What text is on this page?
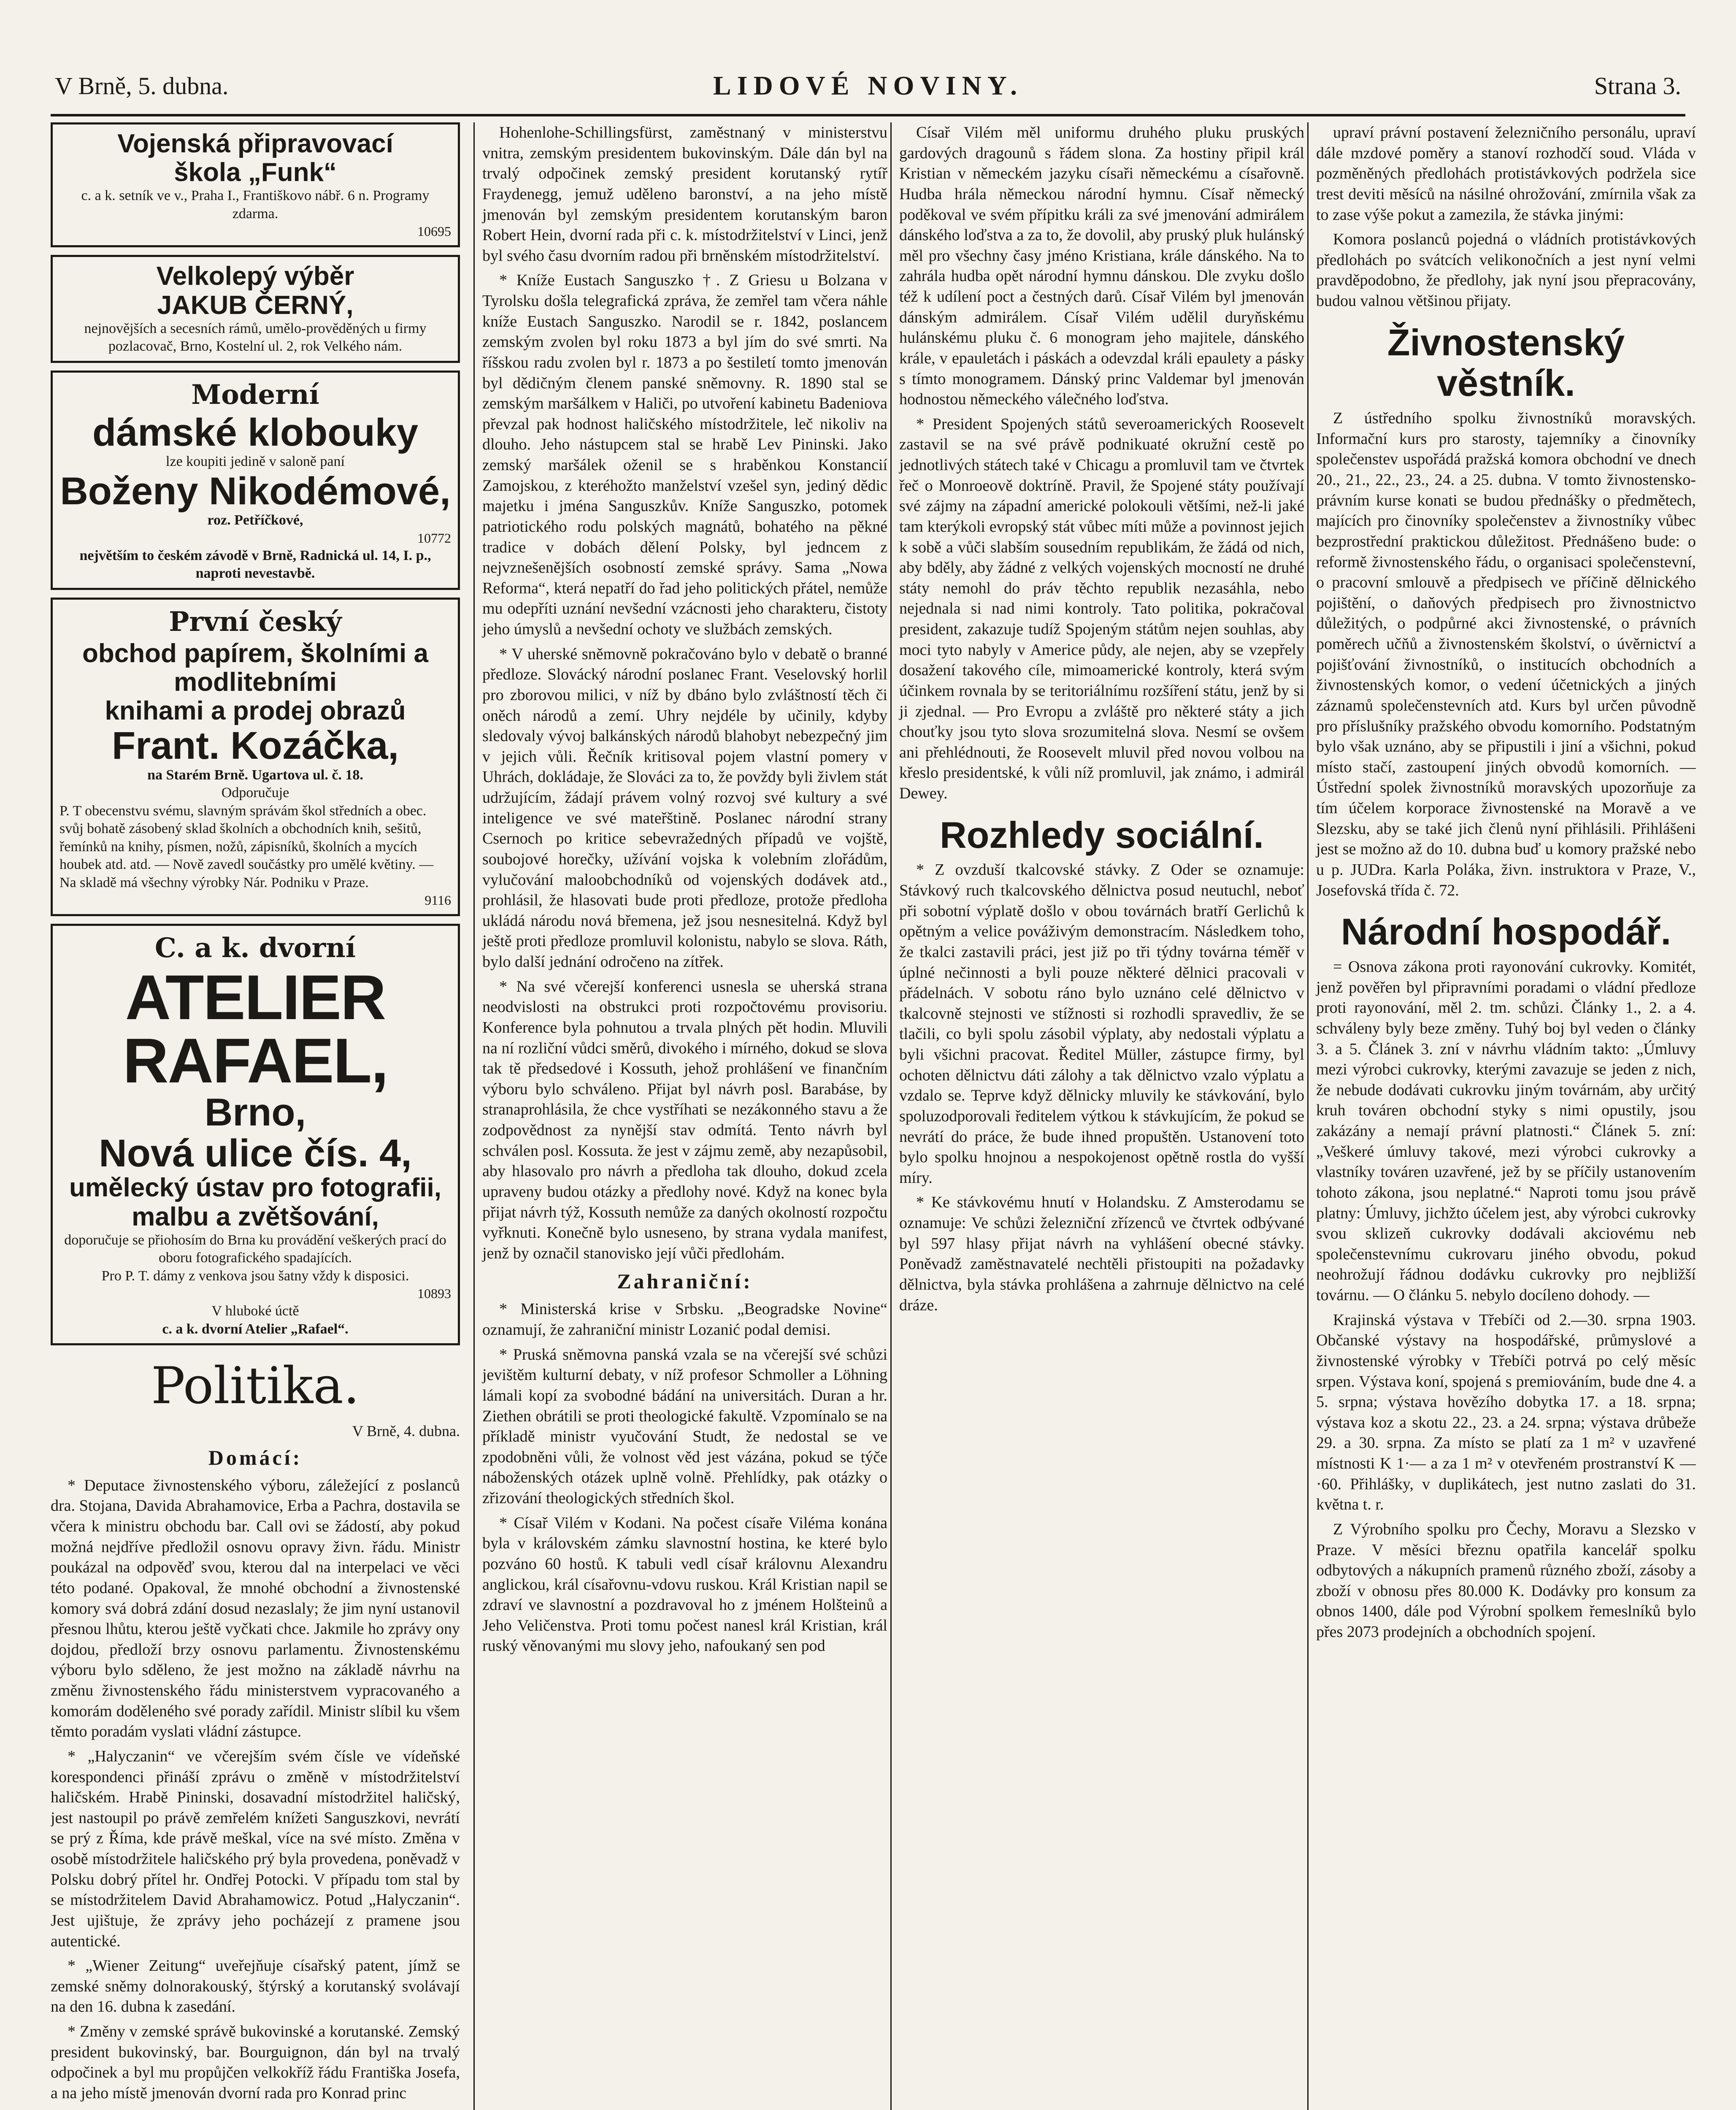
V Brně, 5. dubna.	LIDOVÉ NOVINY.	Strana 3.
Vojenská připravovací
škola „Funk“
c. a k. setník ve v., Praha I., Františkovo nábř. 6 n. Programy zdarma.
10695
Velkolepý výběr
JAKUB ČERNÝ,
nejnovějších a secesních rámů, umělo-prověděných u firmy
pozlacovač, Brno, Kostelní ul. 2, rok Velkého nám.
Moderní
dámské klobouky
lze koupiti jedině v saloně paní
Boženy Nikodémové,
roz. Petříčkové,
10772
největším to českém závodě v Brně, Radnická ul. 14, I. p., naproti nevestavbě.
První český
obchod papírem, školními a modlitebními
knihami a prodej obrazů
Frant. Kozáčka,
na Starém Brně. Ugartova ul. č. 18.
Odporučuje
P. T obecenstvu svému, slavným správám škol středních a obec. svůj bohatě zásobený sklad školních a obchodních knih, sešitů, řemínků na knihy, písmen, nožů, zápisníků, školních a mycích houbek atd. atd. — Nově zavedl součástky pro umělé květiny. — Na skladě má všechny výrobky Nár. Podniku v Praze.
9116
C. a k. dvorní
ATELIER RAFAEL,
Brno,
Nová ulice čís. 4,
umělecký ústav pro fotografii, malbu a zvětšování,
doporučuje se přiohosím do Brna ku provádění veškerých prací do oboru fotografického spadajících.
Pro P. T. dámy z venkova jsou šatny vždy k disposici.
10893
V hluboké úctě
c. a k. dvorní Atelier „Rafael“.
Politika.
V Brně, 4. dubna.
Domácí:

* Deputace živnostenského výboru, záležející z poslanců dra. Stojana, Davida Abrahamovice, Erba a Pachra, dostavila se včera k ministru obchodu bar. Call ovi se žádostí, aby pokud možná nejdříve předložil osnovu opravy živn. řádu. Ministr poukázal na odpověď svou, kterou dal na interpelaci ve věci této podané. Opakoval, že mnohé obchodní a živnostenské komory svá dobrá zdání dosud nezaslaly; že jim nyní ustanovil přesnou lhůtu, kterou ještě vyčkati chce. Jakmile ho zprávy ony dojdou, předloží brzy osnovu parlamentu. Živnostenskému výboru bylo sděleno, že jest možno na základě návrhu na změnu živnostenského řádu ministerstvem vypracovaného a komorám doděleného své porady zařídil. Ministr slíbil ku všem těmto poradám vyslati vládní zástupce.

* „Halyczanin“ ve včerejším svém čísle ve vídeňské korespondenci přináší zprávu o změně v místodržitelství haličském. Hrabě Pininski, dosavadní místodržitel haličský, jest nastoupil po právě zemřelém knížeti Sanguszkovi, nevrátí se prý z Říma, kde právě meškal, více na své místo. Změna v osobě místodržitele haličského prý byla provedena, poněvadž v Polsku dobrý přítel hr. Ondřej Potocki. V případu tom stal by se místodržitelem David Abrahamowicz. Potud „Halyczanin“. Jest ujištuje, že zprávy jeho pocházejí z pramene jsou autentické.

* „Wiener Zeitung“ uveřejňuje císařský patent, jímž se zemské sněmy dolnorakouský, štýrský a korutanský svolávají na den 16. dubna k zasedání.

* Změny v zemské správě bukovinské a korutanské. Zemský president bukovinský, bar. Bourguignon, dán byl na trvalý odpočinek a byl mu propůjčen velkokříž řádu Františka Josefa, a na jeho místě jmenován dvorní rada pro Konrad princ

Hohenlohe-Schillingsfürst, zaměstnaný v ministerstvu vnitra, zemským presidentem bukovinským. Dále dán byl na trvalý odpočinek zemský president korutanský rytíř Fraydenegg, jemuž uděleno baronství, a na jeho místě jmenován byl zemským presidentem korutanským baron Robert Hein, dvorní rada při c. k. místodržitelství v Linci, jenž byl svého času dvorním radou při brněnském místodržitelství.

* Kníže Eustach Sanguszko †. Z Griesu u Bolzana v Tyrolsku došla telegrafická zpráva, že zemřel tam včera náhle kníže Eustach Sanguszko. Narodil se r. 1842, poslancem zemským zvolen byl roku 1873 a byl jím do své smrti. Na říšskou radu zvolen byl r. 1873 a po šestiletí tomto jmenován byl dědičným členem panské sněmovny. R. 1890 stal se zemským maršálkem v Haliči, po utvoření kabinetu Badeniova převzal pak hodnost haličského místodržitele, leč nikoliv na dlouho. Jeho nástupcem stal se hrabě Lev Pininski. Jako zemský maršálek oženil se s hraběnkou Konstancií Zamojskou, z kteréhožto manželství vzešel syn, jediný dědic majetku i jména Sanguszkův. Kníže Sanguszko, potomek patriotického rodu polských magnátů, bohatého na pěkné tradice v dobách dělení Polsky, byl jedncem z nejvznešenějších osobností zemské správy. Sama „Nowa Reforma“, která nepatří do řad jeho politických přátel, nemůže mu odepříti uznání nevšední vzácnosti jeho charakteru, čistoty jeho úmyslů a nevšední ochoty ve službách zemských.

* V uherské sněmovně pokračováno bylo v debatě o branné předloze. Slovácký národní poslanec Frant. Veselovský horlil pro zborovou milici, v níž by dbáno bylo zvláštností těch či oněch národů a zemí. Uhry nejdéle by učinily, kdyby sledovaly vývoj balkánských národů blahobyt nebezpečný jim v jejich vůli. Řečník kritisoval pojem vlastní pomery v Uhrách, dokládaje, že Slováci za to, že povždy byli živlem stát udržujícím, žádají právem volný rozvoj své kultury a své inteligence ve své mateřštině. Poslanec národní strany Csernoch po kritice sebevražedných případů ve vojště, soubojové horečky, užívání vojska k volebním zlořádům, vylučování maloobchodníků od vojenských dodávek atd., prohlásil, že hlasovati bude proti předloze, protože předloha ukládá národu nová břemena, jež jsou nesnesitelná. Když byl ještě proti předloze promluvil kolonistu, nabylo se slova. Ráth, bylo další jednání odročeno na zítřek.

* Na své včerejší konferenci usnesla se uherská strana neodvislosti na obstrukci proti rozpočtovému provisoriu. Konference byla pohnutou a trvala plných pět hodin. Mluvili na ní rozliční vůdci směrů, divokého i mírného, dokud se slova tak tě předsedové i Kossuth, jehož prohlášení ve finančním výboru bylo schváleno. Přijat byl návrh posl. Barabáse, by stranaprohlásila, že chce vystříhati se nezákonného stavu a že zodpovědnost za nynější stav odmítá. Tento návrh byl schválen posl. Kossuta. že jest v zájmu země, aby nezapůsobil, aby hlasovalo pro návrh a předloha tak dlouho, dokud zcela upraveny budou otázky a předlohy nové. Když na konec byla přijat návrh týž, Kossuth nemůže za daných okolností rozpočtu vyřknuti. Konečně bylo usneseno, by strana vydala manifest, jenž by označil stanovisko její vůči předlohám.

Zahraniční:

* Ministerská krise v Srbsku. „Beogradske Novine“ oznamují, že zahraniční ministr Lozanić podal demisi.

* Pruská sněmovna panská vzala se na včerejší své schůzi jevištěm kulturní debaty, v níž profesor Schmoller a Löhning lámali kopí za svobodné bádání na universitách. Duran a hr. Ziethen obrátili se proti theologické fakultě. Vzpomínalo se na příkladě ministr vyučování Studt, že nedostal se ve zpodobněni vůli, že volnost věd jest vázána, pokud se týče náboženských otázek uplně volně. Přehlídky, pak otázky o zřizování theologických středních škol.

* Císař Vilém v Kodani. Na počest císaře Viléma konána byla v královském zámku slavnostní hostina, ke které bylo pozváno 60 hostů. K tabuli vedl císař královnu Alexandru anglickou, král císařovnu-vdovu ruskou. Král Kristian napil se zdraví ve slavnostní a pozdravoval ho z jménem Holšteinů a Jeho Veličenstva. Proti tomu počest nanesl král Kristian, král ruský věnovanými mu slovy jeho, nafoukaný sen pod

Císař Vilém měl uniformu druhého pluku pruských gardových dragounů s řádem slona. Za hostiny připil král Kristian v německém jazyku císaři německému a císařovně. Hudba hrála německou národní hymnu. Císař německý poděkoval ve svém přípitku králi za své jmenování admirálem dánského loďstva a za to, že dovolil, aby pruský pluk hulánský měl pro všechny časy jméno Kristiana, krále dánského. Na to zahrála hudba opět národní hymnu dánskou. Dle zvyku došlo též k udílení poct a čestných darů. Císař Vilém byl jmenován dánským admirálem. Císař Vilém udělil duryňskému hulánskému pluku č. 6 monogram jeho majitele, dánského krále, v epauletách i páskách a odevzdal králi epaulety a pásky s tímto monogramem. Dánský princ Valdemar byl jmenován hodnostou německého válečného loďstva.

* President Spojených států severoamerických Roosevelt zastavil se na své právě podnikuaté okružní cestě po jednotlivých státech také v Chicagu a promluvil tam ve čtvrtek řeč o Monroeově doktríně. Pravil, že Spojené státy používají své zájmy na západní americké polokouli většími, než-li jaké tam kterýkoli evropský stát vůbec míti může a povinnost jejich k sobě a vůči slabším sousedním republikám, že žádá od nich, aby bděly, aby žádné z velkých vojenských mocností ne druhé státy nemohl do práv těchto republik nezasáhla, nebo nejednala si nad nimi kontroly. Tato politika, pokračoval president, zakazuje tudíž Spojeným státům nejen souhlas, aby moci tyto nabyly v Americe půdy, ale nejen, aby se vzepřely dosažení takového cíle, mimoamerické kontroly, která svým účinkem rovnala by se teritoriálnímu rozšíření státu, jenž by si ji zjednal. — Pro Evropu a zvláště pro některé státy a jich chouťky jsou tyto slova srozumitelná slova. Nesmí se ovšem ani přehlédnouti, že Roosevelt mluvil před novou volbou na křeslo presidentské, k vůli níž promluvil, jak známo, i admirál Dewey.

Rozhledy sociální.

* Z ovzduší tkalcovské stávky. Z Oder se oznamuje: Stávkový ruch tkalcovského dělnictva posud neutuchl, neboť při sobotní výplatě došlo v obou továrnách bratří Gerlichů k opětným a velice pováživým demonstracím. Následkem toho, že tkalci zastavili práci, jest již po tři týdny továrna téměř v úplné nečinnosti a byli pouze některé dělnici pracovali v přádelnách. V sobotu ráno bylo uznáno celé dělnictvo v tkalcovně stejnosti ve stížnosti si rozhodli spravedliv, že se tlačili, co byli spolu zásobil výplaty, aby nedostali výplatu a byli všichni pracovat. Ředitel Müller, zástupce firmy, byl ochoten dělnictvu dáti zálohy a tak dělnictvo vzalo výplatu a vzdalo se. Teprve když dělnicky mluvily ke stávkování, bylo spoluzodporovali ředitelem výtkou k stávkujícím, že pokud se nevrátí do práce, že bude ihned propuštěn. Ustanovení toto bylo spolku hnojnou a nespokojenost opětně rostla do vyšší míry.

* Ke stávkovému hnutí v Holandsku. Z Amsterodamu se oznamuje: Ve schůzi železniční zřízenců ve čtvrtek odbývané byl 597 hlasy přijat návrh na vyhlášení obecné stávky. Poněvadž zaměstnavatelé nechtěli přistoupiti na požadavky dělnictva, byla stávka prohlášena a zahrnuje dělnictvo na celé dráze.

upraví právní postavení železničního personálu, upraví dále mzdové poměry a stanoví rozhodčí soud. Vláda v pozměněných předlohách protistávkových podržela sice trest deviti měsíců na násilné ohrožování, zmírnila však za to zase výše pokut a zamezila, že stávka jinými:

Komora poslanců pojedná o vládních protistávkových předlohách po svátcích velikonočních a jest nyní velmi pravděpodobno, že předlohy, jak nyní jsou přepracovány, budou valnou většinou přijaty.

Živnostenský věstník.

Z ústředního spolku živnostníků moravských. Informační kurs pro starosty, tajemníky a činovníky společenstev uspořádá pražská komora obchodní ve dnech 20., 21., 22., 23., 24. a 25. dubna. V tomto živnostensko-právním kurse konati se budou přednášky o předmětech, majících pro činovníky společenstev a živnostníky vůbec bezprostřední praktickou důležitost. Přednášeno bude: o reformě živnostenského řádu, o organisaci společenstevní, o pracovní smlouvě a předpisech ve příčině dělnického pojištění, o daňových předpisech pro živnostnictvo důležitých, o podpůrné akci živnostenské, o právních poměrech učňů a živnostenském školství, o úvěrnictví a pojišťování živnostníků, o institucích obchodních a živnostenských komor, o vedení účetnických a jiných záznamů společenstevních atd. Kurs byl určen původně pro příslušníky pražského obvodu komorního. Podstatným bylo však uznáno, aby se připustili i jiní a všichni, pokud místo stačí, zastoupení jiných obvodů komorních. — Ústřední spolek živnostníků moravských upozorňuje za tím účelem korporace živnostenské na Moravě a ve Slezsku, aby se také jich členů nyní přihlásili. Přihlášeni jest se možno až do 10. dubna buď u komory pražské nebo u p. JUDra. Karla Poláka, živn. instruktora v Praze, V., Josefovská třída č. 72.

Národní hospodář.

= Osnova zákona proti rayonování cukrovky. Komitét, jenž pověřen byl připravními poradami o vládní předloze proti rayonování, měl 2. tm. schůzi. Články 1., 2. a 4. schváleny byly beze změny. Tuhý boj byl veden o články 3. a 5. Článek 3. zní v návrhu vládním takto: „Úmluvy mezi výrobci cukrovky, kterými zavazuje se jeden z nich, že nebude dodávati cukrovku jiným továrnám, aby určitý kruh továren obchodní styky s nimi opustily, jsou zakázány a nemají právní platnosti.“ Článek 5. zní: „Veškeré úmluvy takové, mezi výrobci cukrovky a vlastníky továren uzavřené, jež by se příčily ustanovením tohoto zákona, jsou neplatné.“ Naproti tomu jsou právě platny: Úmluvy, jichžto účelem jest, aby výrobci cukrovky svou sklizeň cukrovky dodávali akciovému neb společenstevnímu cukrovaru jiného obvodu, pokud neohrožují řádnou dodávku cukrovky pro nejbližší továrnu. — O článku 5. nebylo docíleno dohody. —

Krajinská výstava v Třebíči od 2.—30. srpna 1903. Občanské výstavy na hospodářské, průmyslové a živnostenské výrobky v Třebíči potrvá po celý měsíc srpen. Výstava koní, spojená s premiováním, bude dne 4. a 5. srpna; výstava hovězího dobytka 17. a 18. srpna; výstava koz a skotu 22., 23. a 24. srpna; výstava drůbeže 29. a 30. srpna. Za místo se platí za 1 m² v uzavřené místnosti K 1·— a za 1 m² v otevřeném prostranství K —·60. Přihlášky, v duplikátech, jest nutno zaslati do 31. května t. r.

Z Výrobního spolku pro Čechy, Moravu a Slezsko v Praze. V měsíci březnu opatřila kancelář spolku odbytových a nákupních pramenů různého zboží, zásoby a zboží v obnosu přes 80.000 K. Dodávky pro konsum za obnos 1400, dále pod Výrobní spolkem řemeslníků bylo přes 2073 prodejních a obchodních spojení.
